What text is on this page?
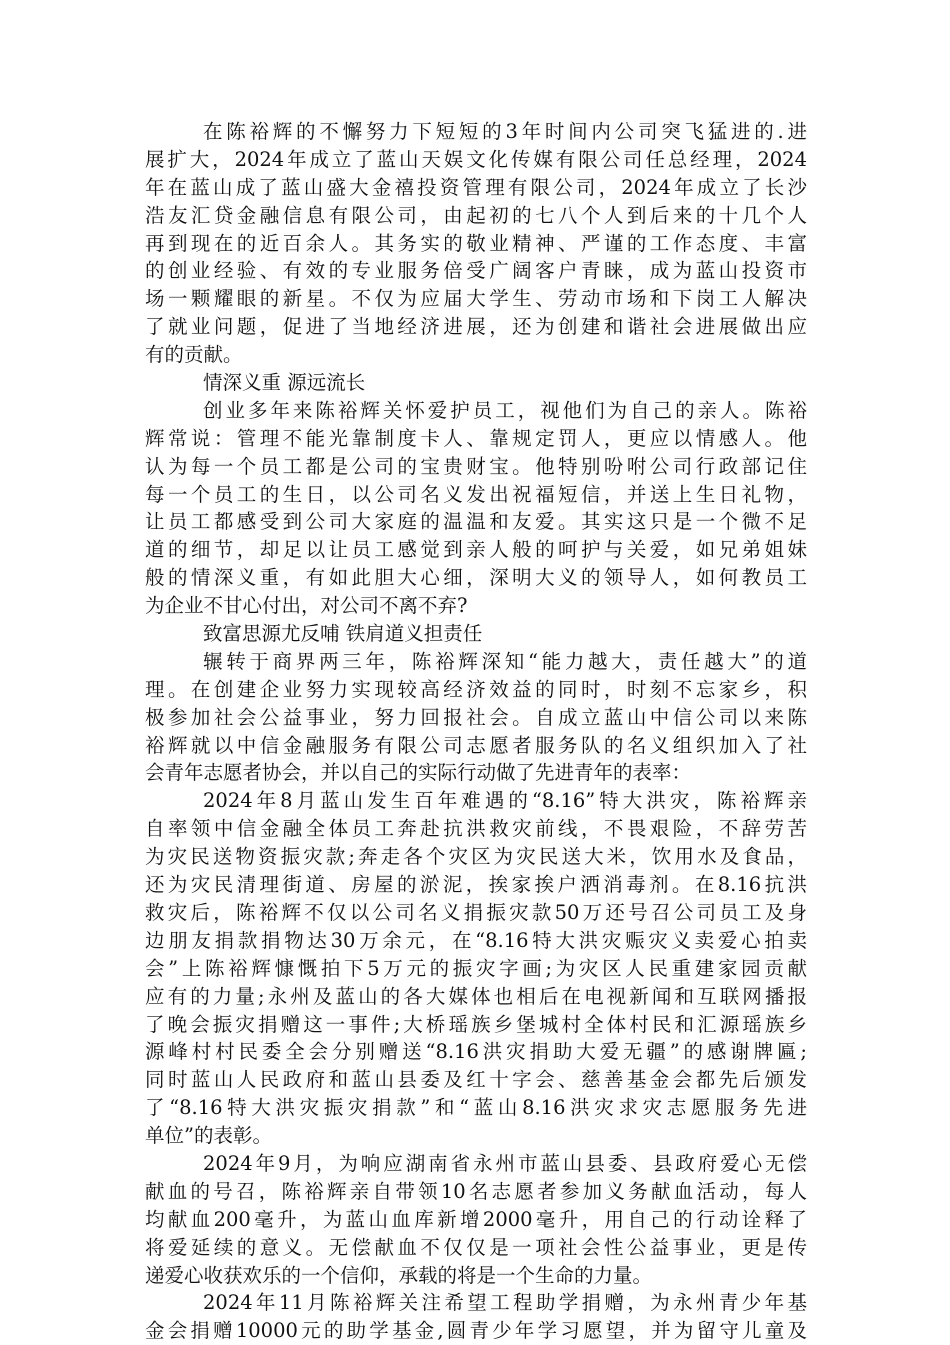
在陈裕辉的不懈努力下短短的3年时间内公司突飞猛进的.进
展扩大，2024年成立了蓝山天娱文化传媒有限公司任总经理，2024
年在蓝山成了蓝山盛大金禧投资管理有限公司，2024年成立了长沙
浩友汇贷金融信息有限公司，由起初的七八个人到后来的十几个人
再到现在的近百余人。其务实的敬业精神、严谨的工作态度、丰富
的创业经验、有效的专业服务倍受广阔客户青睐，成为蓝山投资市
场一颗耀眼的新星。不仅为应届大学生、劳动市场和下岗工人解决
了就业问题，促进了当地经济进展，还为创建和谐社会进展做出应
有的贡献。
情深义重 源远流长
创业多年来陈裕辉关怀爱护员工，视他们为自己的亲人。陈裕
辉常说：管理不能光靠制度卡人、靠规定罚人，更应以情感人。他
认为每一个员工都是公司的宝贵财宝。他特别吩咐公司行政部记住
每一个员工的生日，以公司名义发出祝福短信，并送上生日礼物，
让员工都感受到公司大家庭的温温和友爱。其实这只是一个微不足
道的细节，却足以让员工感觉到亲人般的呵护与关爱，如兄弟姐妹
般的情深义重，有如此胆大心细，深明大义的领导人，如何教员工
为企业不甘心付出，对公司不离不弃?
致富思源尤反哺 铁肩道义担责任
辗转于商界两三年，陈裕辉深知“能力越大，责任越大”的道
理。在创建企业努力实现较高经济效益的同时，时刻不忘家乡，积
极参加社会公益事业，努力回报社会。自成立蓝山中信公司以来陈
裕辉就以中信金融服务有限公司志愿者服务队的名义组织加入了社
会青年志愿者协会，并以自己的实际行动做了先进青年的表率：
2024年8月蓝山发生百年难遇的“8.16”特大洪灾，陈裕辉亲
自率领中信金融全体员工奔赴抗洪救灾前线，不畏艰险，不辞劳苦
为灾民送物资振灾款;奔走各个灾区为灾民送大米，饮用水及食品，
还为灾民清理街道、房屋的淤泥，挨家挨户洒消毒剂。在8.16抗洪
救灾后，陈裕辉不仅以公司名义捐振灾款50万还号召公司员工及身
边朋友捐款捐物达30万余元，在“8.16特大洪灾赈灾义卖爱心拍卖
会”上陈裕辉慷慨拍下5万元的振灾字画;为灾区人民重建家园贡献
应有的力量;永州及蓝山的各大媒体也相后在电视新闻和互联网播报
了晚会振灾捐赠这一事件;大桥瑶族乡堡城村全体村民和汇源瑶族乡
源峰村村民委全会分别赠送“8.16洪灾捐助大爱无疆”的感谢牌匾;
同时蓝山人民政府和蓝山县委及红十字会、慈善基金会都先后颁发
了“8.16特大洪灾振灾捐款”和“蓝山8.16洪灾求灾志愿服务先进
单位”的表彰。
2024年9月，为响应湖南省永州市蓝山县委、县政府爱心无偿
献血的号召，陈裕辉亲自带领10名志愿者参加义务献血活动，每人
均献血200毫升，为蓝山血库新增2000毫升，用自己的行动诠释了
将爱延续的意义。无偿献血不仅仅是一项社会性公益事业，更是传
递爱心收获欢乐的一个信仰，承载的将是一个生命的力量。
2024年11月陈裕辉关注希望工程助学捐赠，为永州青少年基
金会捐赠10000元的助学基金,圆青少年学习愿望，并为留守儿童及
